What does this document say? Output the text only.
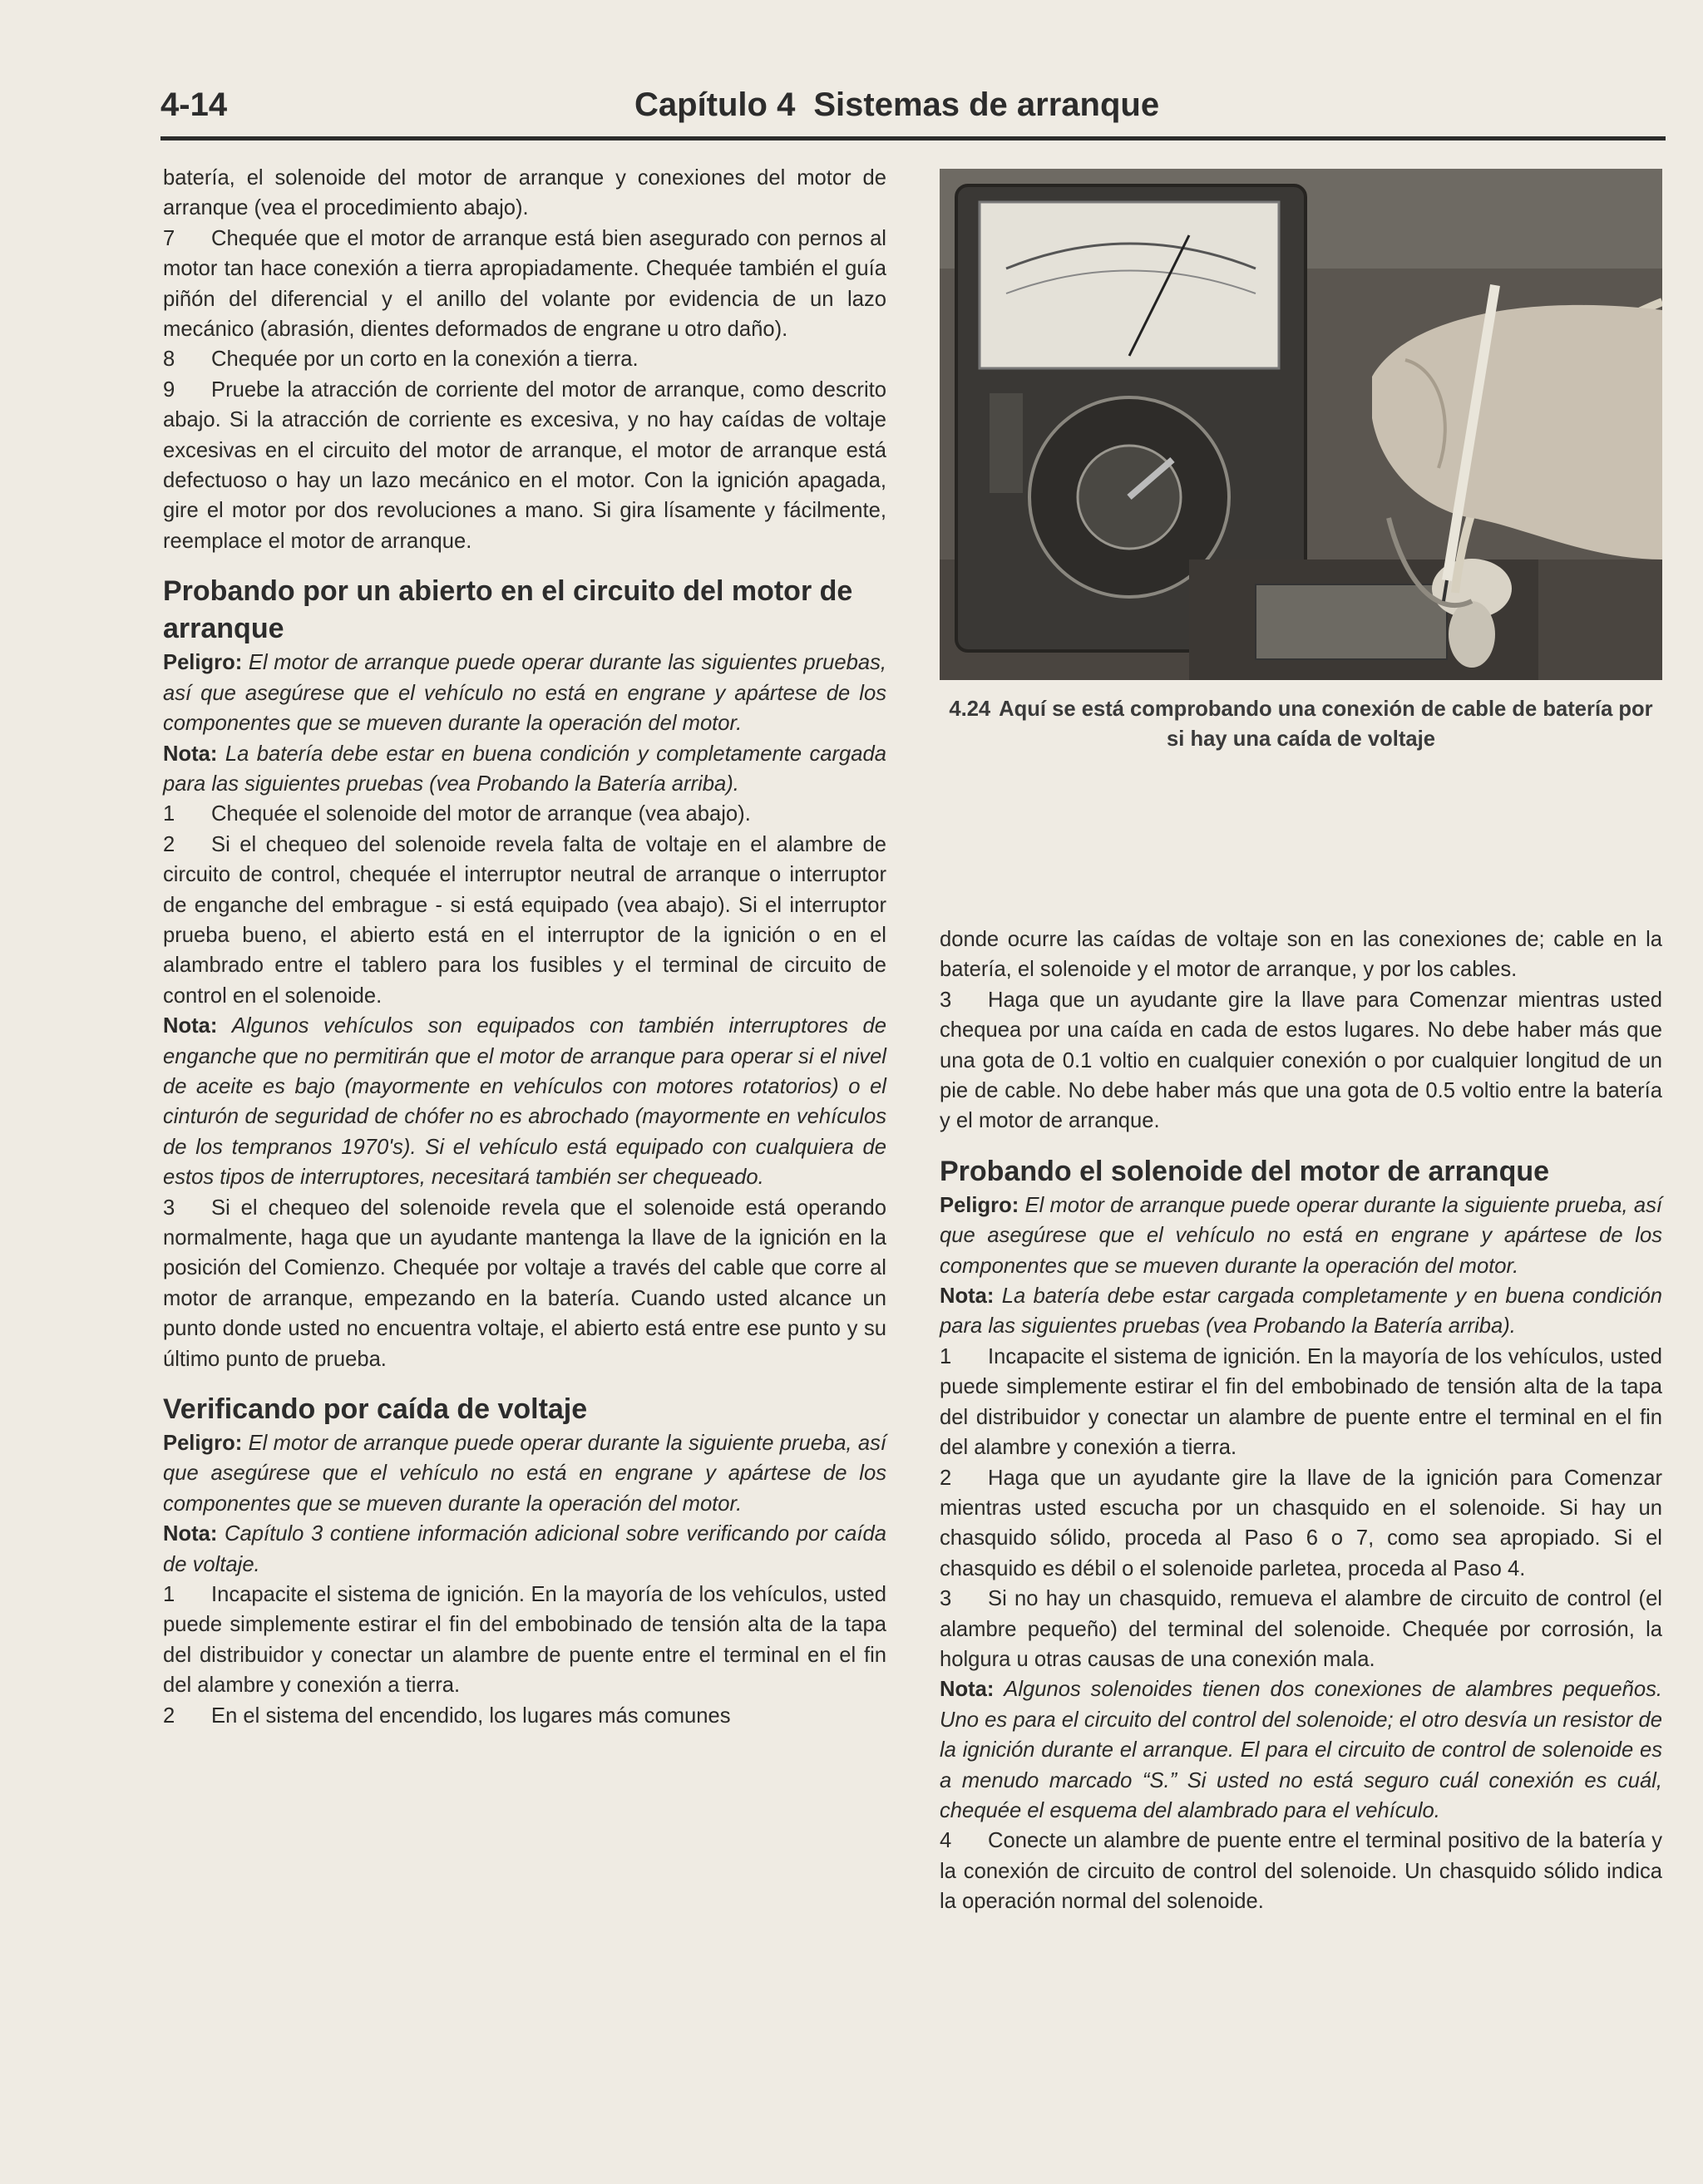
4-14	Capítulo 4 Sistemas de arranque

batería, el solenoide del motor de arranque y conexiones del motor de arranque (vea el procedimiento abajo).

7 Chequée que el motor de arranque está bien asegurado con pernos al motor tan hace conexión a tierra apropiadamente. Chequée también el guía piñón del diferencial y el anillo del volante por evidencia de un lazo mecánico (abrasión, dientes deformados de engrane u otro daño).

8 Chequée por un corto en la conexión a tierra.

9 Pruebe la atracción de corriente del motor de arranque, como descrito abajo. Si la atracción de corriente es excesiva, y no hay caídas de voltaje excesivas en el circuito del motor de arranque, el motor de arranque está defectuoso o hay un lazo mecánico en el motor. Con la ignición apagada, gire el motor por dos revoluciones a mano. Si gira lísamente y fácilmente, reemplace el motor de arranque.

Probando por un abierto en el circuito del motor de arranque

Peligro: El motor de arranque puede operar durante las siguientes pruebas, así que asegúrese que el vehículo no está en engrane y apártese de los componentes que se mueven durante la operación del motor.

Nota: La batería debe estar en buena condición y completamente cargada para las siguientes pruebas (vea Probando la Batería arriba).

1 Chequée el solenoide del motor de arranque (vea abajo).

2 Si el chequeo del solenoide revela falta de voltaje en el alambre de circuito de control, chequée el interruptor neutral de arranque o interruptor de enganche del embrague - si está equipado (vea abajo). Si el interruptor prueba bueno, el abierto está en el interruptor de la ignición o en el alambrado entre el tablero para los fusibles y el terminal de circuito de control en el solenoide.

Nota: Algunos vehículos son equipados con también interruptores de enganche que no permitirán que el motor de arranque para operar si el nivel de aceite es bajo (mayormente en vehículos con motores rotatorios) o el cinturón de seguridad de chófer no es abrochado (mayormente en vehículos de los tempranos 1970's). Si el vehículo está equipado con cualquiera de estos tipos de interruptores, necesitará también ser chequeado.

3 Si el chequeo del solenoide revela que el solenoide está operando normalmente, haga que un ayudante mantenga la llave de la ignición en la posición del Comienzo. Chequée por voltaje a través del cable que corre al motor de arranque, empezando en la batería. Cuando usted alcance un punto donde usted no encuentra voltaje, el abierto está entre ese punto y su último punto de prueba.

Verificando por caída de voltaje

Peligro: El motor de arranque puede operar durante la siguiente prueba, así que asegúrese que el vehículo no está en engrane y apártese de los componentes que se mueven durante la operación del motor.

Nota: Capítulo 3 contiene información adicional sobre verificando por caída de voltaje.

1 Incapacite el sistema de ignición. En la mayoría de los vehículos, usted puede simplemente estirar el fin del embobinado de tensión alta de la tapa del distribuidor y conectar un alambre de puente entre el terminal en el fin del alambre y conexión a tierra.

2 En el sistema del encendido, los lugares más comunes

4.24 Aquí se está comprobando una conexión de cable de batería por si hay una caída de voltaje

donde ocurre las caídas de voltaje son en las conexiones de; cable en la batería, el solenoide y el motor de arranque, y por los cables.

3 Haga que un ayudante gire la llave para Comenzar mientras usted chequea por una caída en cada de estos lugares. No debe haber más que una gota de 0.1 voltio en cualquier conexión o por cualquier longitud de un pie de cable. No debe haber más que una gota de 0.5 voltio entre la batería y el motor de arranque.

Probando el solenoide del motor de arranque

Peligro: El motor de arranque puede operar durante la siguiente prueba, así que asegúrese que el vehículo no está en engrane y apártese de los componentes que se mueven durante la operación del motor.

Nota: La batería debe estar cargada completamente y en buena condición para las siguientes pruebas (vea Probando la Batería arriba).

1 Incapacite el sistema de ignición. En la mayoría de los vehículos, usted puede simplemente estirar el fin del embobinado de tensión alta de la tapa del distribuidor y conectar un alambre de puente entre el terminal en el fin del alambre y conexión a tierra.

2 Haga que un ayudante gire la llave de la ignición para Comenzar mientras usted escucha por un chasquido en el solenoide. Si hay un chasquido sólido, proceda al Paso 6 o 7, como sea apropiado. Si el chasquido es débil o el solenoide parletea, proceda al Paso 4.

3 Si no hay un chasquido, remueva el alambre de circuito de control (el alambre pequeño) del terminal del solenoide. Chequée por corrosión, la holgura u otras causas de una conexión mala.

Nota: Algunos solenoides tienen dos conexiones de alambres pequeños. Uno es para el circuito del control del solenoide; el otro desvía un resistor de la ignición durante el arranque. El para el circuito de control de solenoide es a menudo marcado “S.” Si usted no está seguro cuál conexión es cuál, chequée el esquema del alambrado para el vehículo.

4 Conecte un alambre de puente entre el terminal positivo de la batería y la conexión de circuito de control del solenoide. Un chasquido sólido indica la operación normal del solenoide.
